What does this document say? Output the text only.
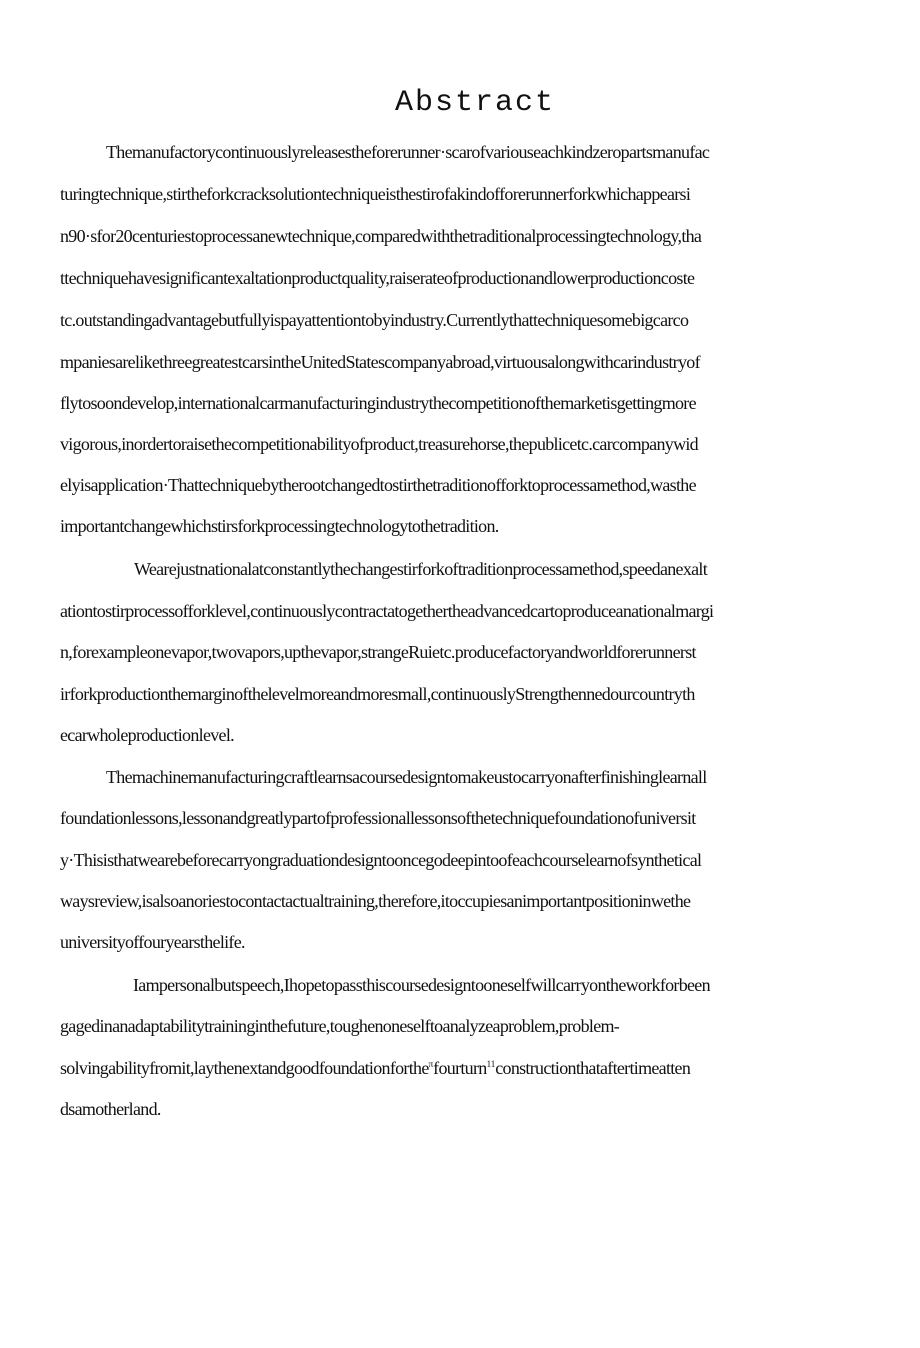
Abstract

Themanufactorycontinuouslyreleasestheforerunner·scarofvariouseachkindzeropartsmanufac

turingtechnique,stirtheforkcracksolutiontechniqueisthestirofakindofforerunnerforkwhichappearsi

n90·sfor20centuriestoprocessanewtechnique,comparedwiththetraditionalprocessingtechnology,tha

ttechniquehavesignificantexaltationproductquality,raiserateofproductionandlowerproductioncoste

tc.outstandingadvantagebutfullyispayattentiontobyindustry.Currentlythattechniquesomebigcarco

mpaniesarelikethreegreatestcarsintheUnitedStatescompanyabroad,virtuousalongwithcarindustryof

flytosoondevelop,internationalcarmanufacturingindustrythecompetitionofthemarketisgettingmore

vigorous,inordertoraisethecompetitionabilityofproduct,treasurehorse,thepublicetc.carcompanywid

elyisapplication·Thattechniquebytherootchangedtostirthetraditionofforktoprocessamethod,wasthe

importantchangewhichstirsforkprocessingtechnologytothetradition.

Wearejustnationalatconstantlythechangestirforkoftraditionprocessamethod,speedanexalt

ationtostirprocessofforklevel,continuouslycontractatogethertheadvancedcartoproduceanationalmargi

n,forexampleonevapor,twovapors,upthevapor,strangeRuietc.producefactoryandworldforerunnerst

irforkproductionthemarginofthelevelmoreandmoresmall,continuouslyStrengthennedourcountryth

ecarwholeproductionlevel.

Themachinemanufacturingcraftlearnsacoursedesigntomakeustocarryonafterfinishinglearnall

foundationlessons,lessonandgreatlypartofprofessionallessonsofthetechniquefoundationofuniversit

y·Thisisthatwearebeforecarryongraduationdesigntooncegodeepintoofeachcourselearnofsynthetical

waysreview,isalsoanoriestocontactactualtraining,therefore,itoccupiesanimportantpositioninwethe

universityoffouryearsthelife.

Iampersonalbutspeech,Ihopetopassthiscoursedesigntooneselfwillcarryontheworkforbeen

gagedinanadaptabilitytraininginthefuture,toughenoneselftoanalyzeaproblem,problem-

solvingabilityfromit,laythenextandgoodfoundationforthe$^\pi$fourturn$^{11}$constructionthataftertimeatten

dsamotherland.
